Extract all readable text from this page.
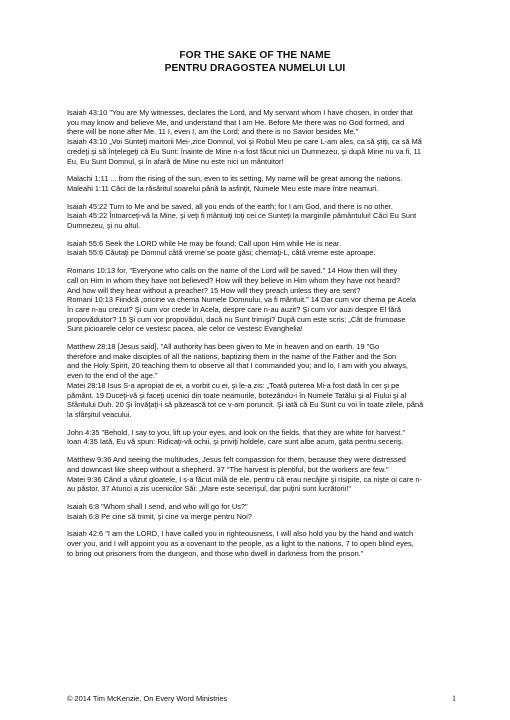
FOR THE SAKE OF THE NAME
PENTRU DRAGOSTEA NUMELUI LUI
Isaiah 43:10 "You are My witnesses, declares the Lord, and My servant whom I have chosen, in order that
you may know and believe Me, and understand that I am He. Before Me there was no God formed, and
there will be none after Me. 11 I, even I, am the Lord; and there is no Savior besides Me."
Isaiah 43:10 „Voi Sunteţi martorii Mei-,zice Domnul, voi şi Robul Meu pe care L-am ales, ca să ştiţi, ca să Mă
credeţi şi să înţelegeţi că Eu Sunt: înainte de Mine n-a fost făcut nici un Dumnezeu, şi după Mine nu va fi, 11
Eu, Eu Sunt Domnul, şi în afară de Mine nu este nici un mântuitor!
Malachi 1:11 ... from the rising of the sun, even to its setting, My name will be great among the nations.
Maleahi 1:11 Căci de la răsăritul soarelui până la asfinţit, Numele Meu este mare între neamuri.
Isaiah 45:22 Turn to Me and be saved, all you ends of the earth; for I am God, and there is no other.
Isaiah 45:22 Întoarceţi-vă la Mine, şi veţi fi mântuiţi toţi cei ce Sunteţi la marginile pământului! Căci Eu Sunt
Dumnezeu, şi nu altul.
Isaiah 55:6 Seek the LORD while He may be found; Call upon Him while He is near.
Isaiah 55:6 Căutaţi pe Domnul câtă vreme se poate găsi; chemaţi-L, câtă vreme este aproape.
Romans 10:13 for, "Everyone who calls on the name of the Lord will be saved." 14 How then will they
call on Him in whom they have not believed? How will they believe in Him whom they have not heard?
And how will they hear without a preacher? 15 How will they preach unless they are sent?
Romani 10:13 Fiindcă „oricine va chema Numele Domnului, va fi mântuit." 14 Dar cum vor chema pe Acela
în care n-au crezut? Şi cum vor crede în Acela, despre care n-au auzit? Şi cum vor auzi despre El fără
propovăduitor? 15 Şi cum vor propovădui, dacă nu Sunt trimişi? După cum este scris: „Cât de frumoase
Sunt picioarele celor ce vestesc pacea, ale celor ce vestesc Evanghelia!
Matthew 28:18 [Jesus said], "All authority has been given to Me in heaven and on earth. 19 "Go
therefore and make disciples of all the nations, baptizing them in the name of the Father and the Son
and the Holy Spirit, 20 teaching them to observe all that I commanded you; and lo, I am with you always,
even to the end of the age."
Matei 28:18 Isus S-a apropiat de ei, a vorbit cu ei, şi le-a zis: „Toată puterea Mi-a fost dată în cer şi pe
pământ. 19 Duceţi-vă şi faceţi ucenici din toate neamurile, botezându-i în Numele Tatălui şi al Fiului şi al
Sfântului Duh. 20 Şi învăţaţi-i să păzească tot ce v-am poruncit. Şi iată că Eu Sunt cu voi în toate zilele, până
la sfârşitul veacului.
John 4:35 "Behold, I say to you, lift up your eyes, and look on the fields, that they are white for harvest."
Ioan 4:35 Iată, Eu vă spun: Ridicaţi-vă ochii, şi priviţi holdele, care sunt albe acum, gata pentru seceriş.
Matthew 9:36 And seeing the multitudes, Jesus felt compassion for them, because they were distressed
and downcast like sheep without a shepherd. 37 "The harvest is plentiful, but the workers are few."
Matei 9:36 Când a văzut gloatele, I s-a făcut milă de ele, pentru că erau necăjite şi risipite, ca nişte oi care n-
au păstor. 37 Atunci a zis ucenicilor Săi: „Mare este secerişul, dar puţini sunt lucrătorii!"
Isaiah 6:8 "Whom shall I send, and who will go for Us?"
Isaiah 6:8 Pe cine să trimit, şi cine va merge pentru Noi?
Isaiah 42:6 "I am the LORD, I have called you in righteousness, I will also hold you by the hand and watch
over you, and I will appoint you as a covenant to the people, as a light to the nations, 7 to open blind eyes,
to bring out prisoners from the dungeon, and those who dwell in darkness from the prison."
© 2014 Tim McKenzie, On Every Word Ministries	1
